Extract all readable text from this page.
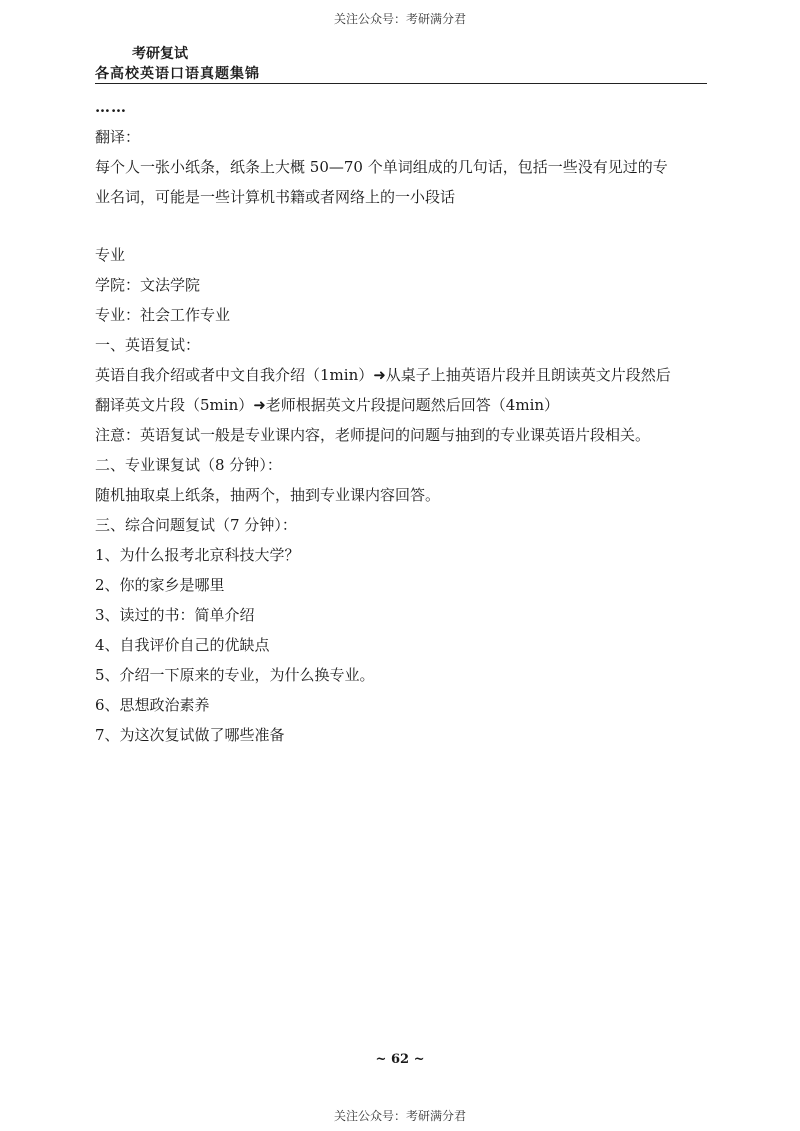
关注公众号：考研满分君
考研复试
各高校英语口语真题集锦
……
翻译：
每个人一张小纸条，纸条上大概 50—70 个单词组成的几句话，包括一些没有见过的专
业名词，可能是一些计算机书籍或者网络上的一小段话
专业
学院：文法学院
专业：社会工作专业
一、英语复试：
英语自我介绍或者中文自我介绍（1min）➜从桌子上抽英语片段并且朗读英文片段然后
翻译英文片段（5min）➜老师根据英文片段提问题然后回答（4min）
注意：英语复试一般是专业课内容，老师提问的问题与抽到的专业课英语片段相关。
二、专业课复试（8 分钟）：
随机抽取桌上纸条，抽两个，抽到专业课内容回答。
三、综合问题复试（7 分钟）：
1、为什么报考北京科技大学？
2、你的家乡是哪里
3、读过的书：简单介绍
4、自我评价自己的优缺点
5、介绍一下原来的专业，为什么换专业。
6、思想政治素养
7、为这次复试做了哪些准备
~ 62 ~
关注公众号：考研满分君
